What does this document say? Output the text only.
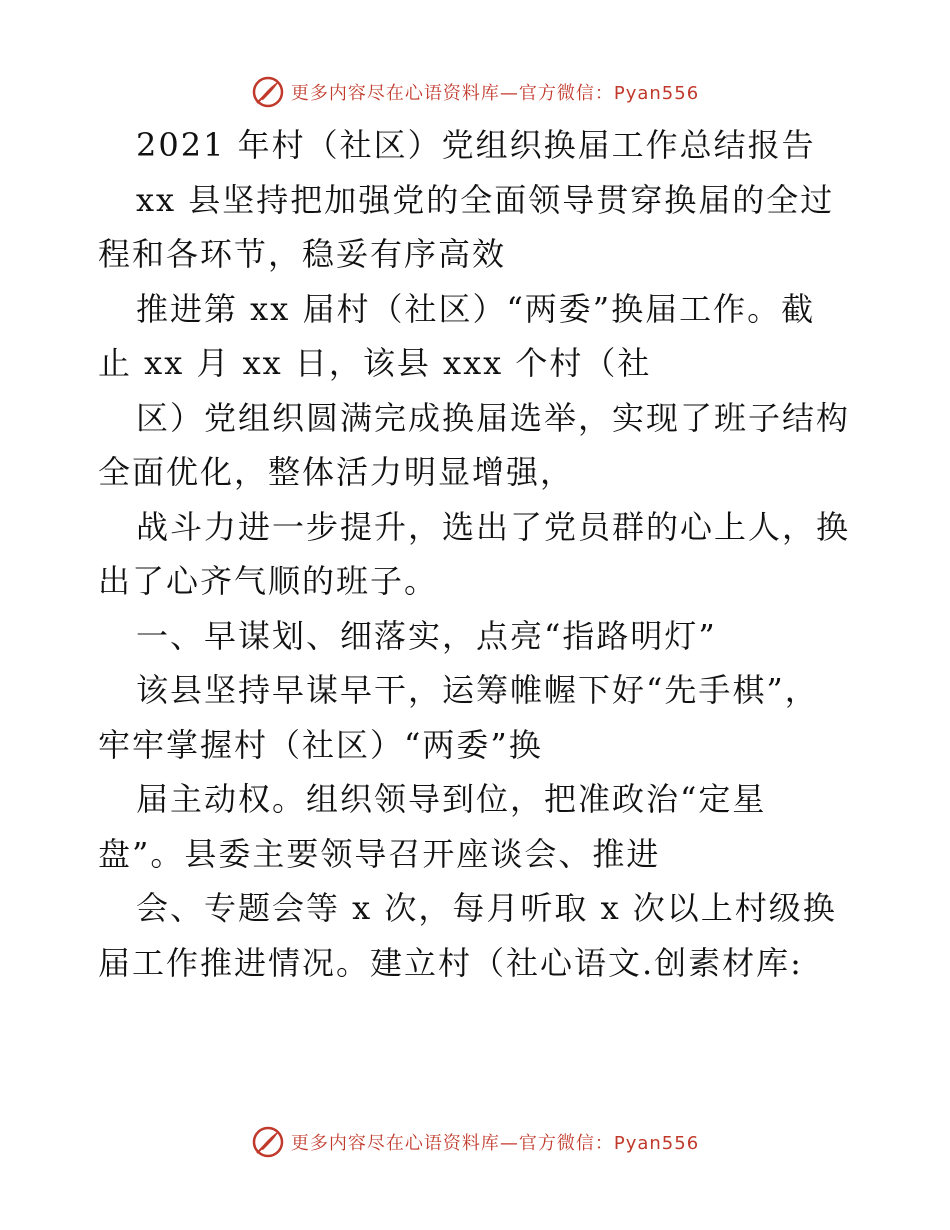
更多内容尽在心语资料库—官方微信：Pyan556
2021 年村（社区）党组织换届工作总结报告
xx 县坚持把加强党的全面领导贯穿换届的全过
程和各环节，稳妥有序高效
推进第 xx 届村（社区）“两委”换届工作。截
止 xx 月 xx 日，该县 xxx 个村（社
区）党组织圆满完成换届选举，实现了班子结构
全面优化，整体活力明显增强，
战斗力进一步提升，选出了党员群的心上人，换
出了心齐气顺的班子。
一、早谋划、细落实，点亮“指路明灯”
该县坚持早谋早干，运筹帷幄下好“先手棋”，
牢牢掌握村（社区）“两委”换
届主动权。组织领导到位，把准政治“定星
盘”。县委主要领导召开座谈会、推进
会、专题会等 x 次，每月听取 x 次以上村级换
届工作推进情况。建立村（社心语文.创素材库:
更多内容尽在心语资料库—官方微信：Pyan556
